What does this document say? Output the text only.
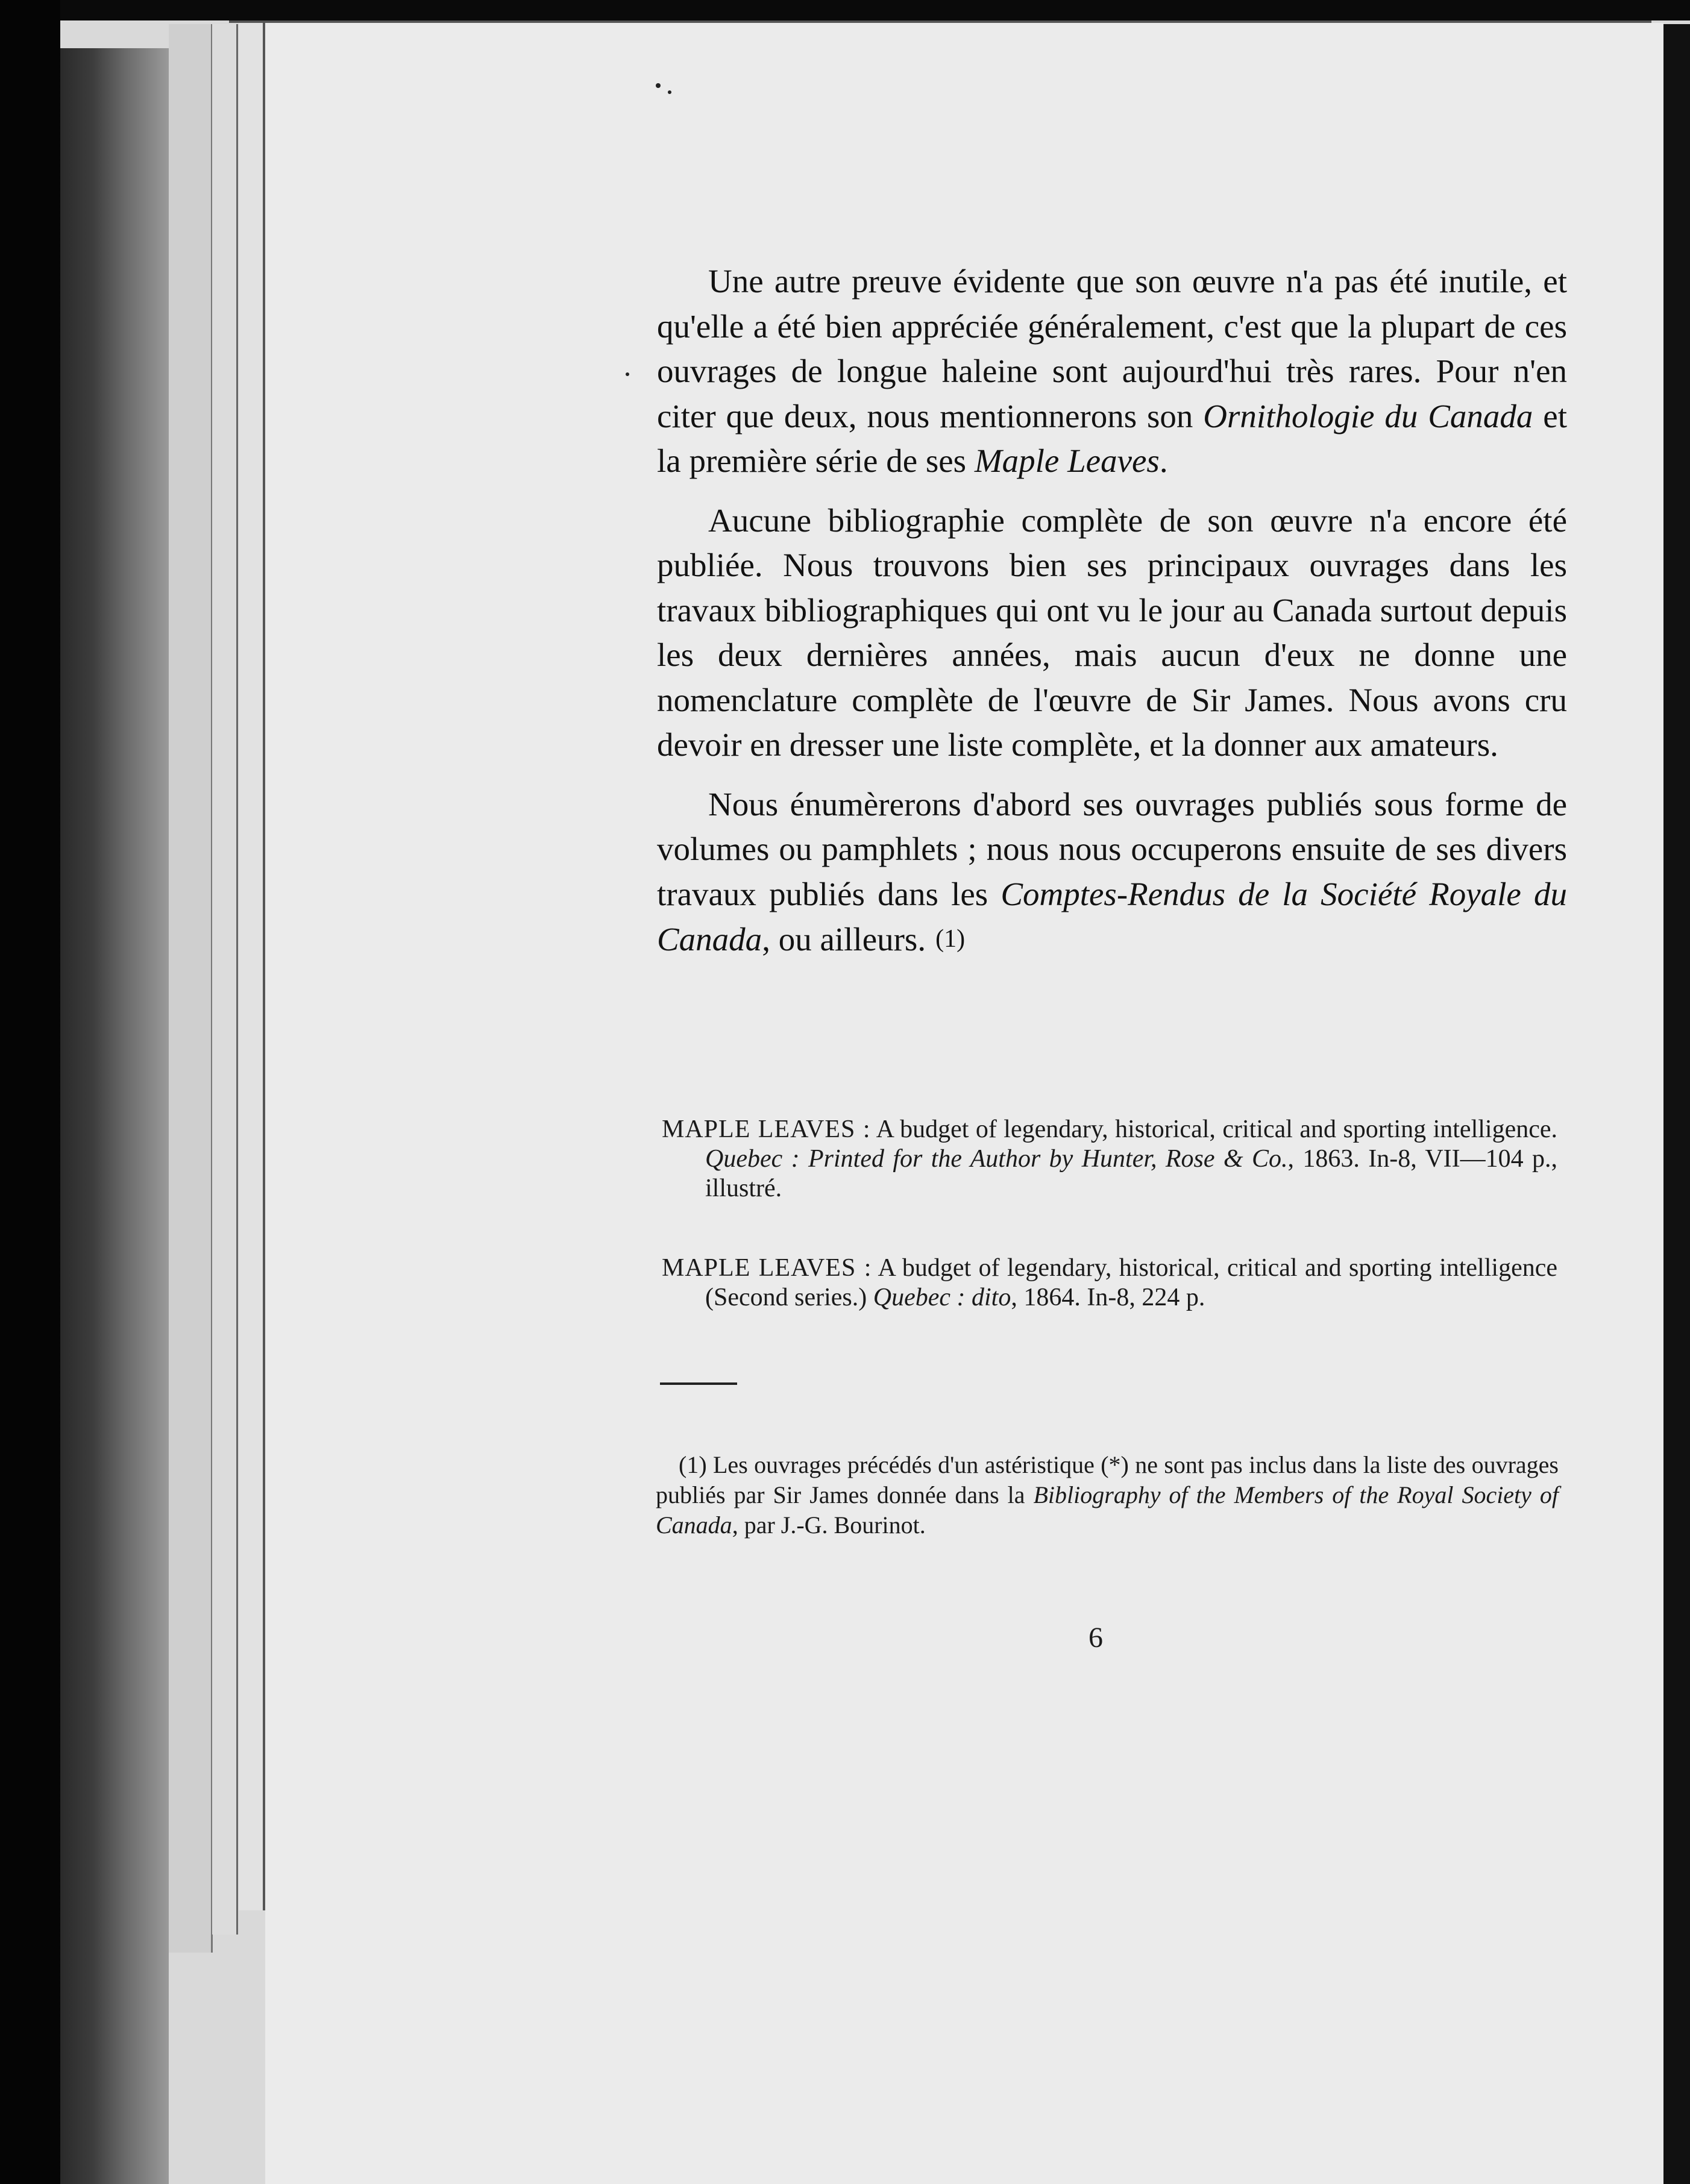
Une autre preuve évidente que son œuvre n'a pas été inutile, et qu'elle a été bien appréciée généralement, c'est que la plupart de ces ouvrages de longue haleine sont aujourd'hui très rares. Pour n'en citer que deux, nous mentionnerons son Ornithologie du Canada et la première série de ses Maple Leaves.

Aucune bibliographie complète de son œuvre n'a encore été publiée. Nous trouvons bien ses principaux ouvrages dans les travaux bibliographiques qui ont vu le jour au Canada surtout depuis les deux dernières années, mais aucun d'eux ne donne une nomenclature complète de l'œuvre de Sir James. Nous avons cru devoir en dresser une liste complète, et la donner aux amateurs.

Nous énumèrerons d'abord ses ouvrages publiés sous forme de volumes ou pamphlets ; nous nous occuperons ensuite de ses divers travaux publiés dans les Comptes-Rendus de la Société Royale du Canada, ou ailleurs. (1)

MAPLE LEAVES : A budget of legendary, historical, critical and sporting intelligence. Quebec : Printed for the Author by Hunter, Rose & Co., 1863. In-8, VII—104 p., illustré.

MAPLE LEAVES : A budget of legendary, historical, critical and sporting intelligence (Second series.) Quebec : dito, 1864. In-8, 224 p.

(1) Les ouvrages précédés d'un astéristique (*) ne sont pas inclus dans la liste des ouvrages publiés par Sir James donnée dans la Bibliography of the Members of the Royal Society of Canada, par J.-G. Bourinot.
6
